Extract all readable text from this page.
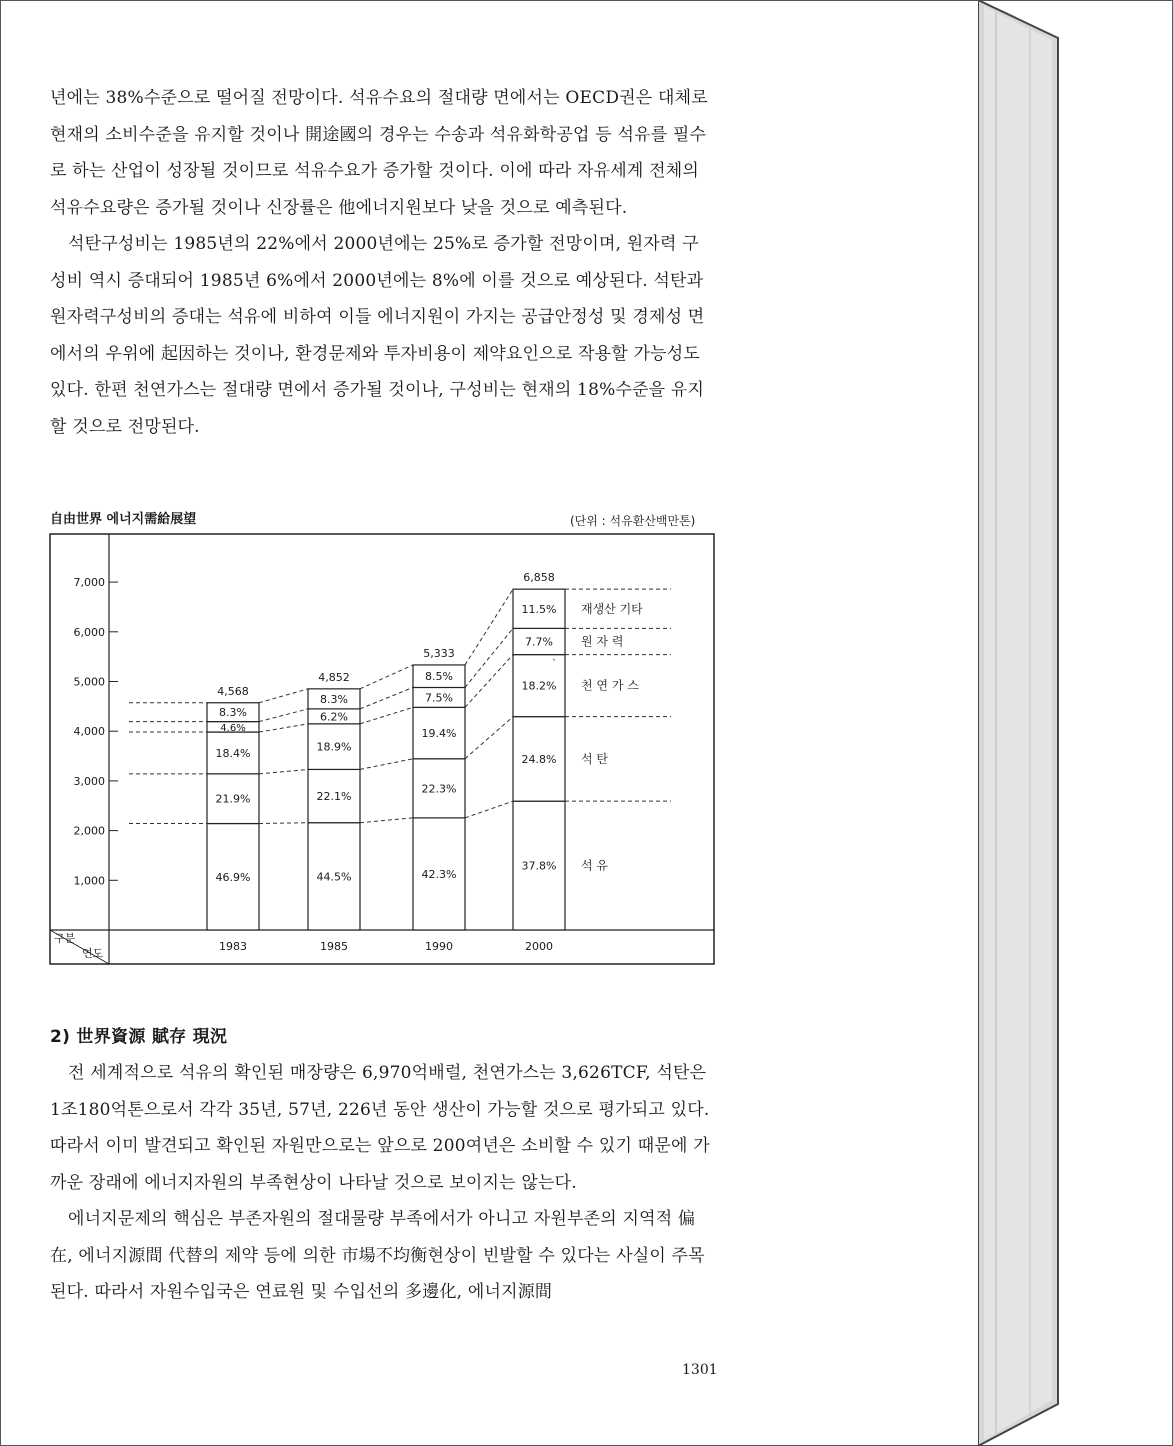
년에는 38%수준으로 떨어질 전망이다. 석유수요의 절대량 면에서는 OECD권은 대체로 현재의 소비수준을 유지할 것이나 開途國의 경우는 수송과 석유화학공업 등 석유를 필수로 하는 산업이 성장될 것이므로 석유수요가 증가할 것이다. 이에 따라 자유세계 전체의 석유수요량은 증가될 것이나 신장률은 他에너지원보다 낮을 것으로 예측된다.

석탄구성비는 1985년의 22%에서 2000년에는 25%로 증가할 전망이며, 원자력 구성비 역시 증대되어 1985년 6%에서 2000년에는 8%에 이를 것으로 예상된다. 석탄과 원자력구성비의 증대는 석유에 비하여 이들 에너지원이 가지는 공급안정성 및 경제성 면에서의 우위에 起因하는 것이나, 환경문제와 투자비용이 제약요인으로 작용할 가능성도 있다. 한편 천연가스는 절대량 면에서 증가될 것이나, 구성비는 현재의 18%수준을 유지할 것으로 전망된다.

自由世界 에너지需給展望	(단위 : 석유환산백만톤)
구분
연도
1,000
2,000
3,000
4,000
5,000
6,000
7,000
46.9%
21.9%
18.4%
4.6%
8.3%
4,568
1983
44.5%
22.1%
18.9%
6.2%
8.3%
4,852
1985
42.3%
22.3%
19.4%
7.5%
8.5%
5,333
1990
37.8%
24.8%
18.2%
7.7%
11.5%
6,858
2000
석 유
석 탄
천 연 가 스
원 자 력
재생산 기타
ˋ
2) 世界資源 賦存 現況

전 세계적으로 석유의 확인된 매장량은 6,970억배럴, 천연가스는 3,626TCF, 석탄은 1조180억톤으로서 각각 35년, 57년, 226년 동안 생산이 가능할 것으로 평가되고 있다. 따라서 이미 발견되고 확인된 자원만으로는 앞으로 200여년은 소비할 수 있기 때문에 가까운 장래에 에너지자원의 부족현상이 나타날 것으로 보이지는 않는다.

에너지문제의 핵심은 부존자원의 절대물량 부족에서가 아니고 자원부존의 지역적 偏在, 에너지源間 代替의 제약 등에 의한 市場不均衡현상이 빈발할 수 있다는 사실이 주목된다. 따라서 자원수입국은 연료원 및 수입선의 多邊化, 에너지源間

1301
